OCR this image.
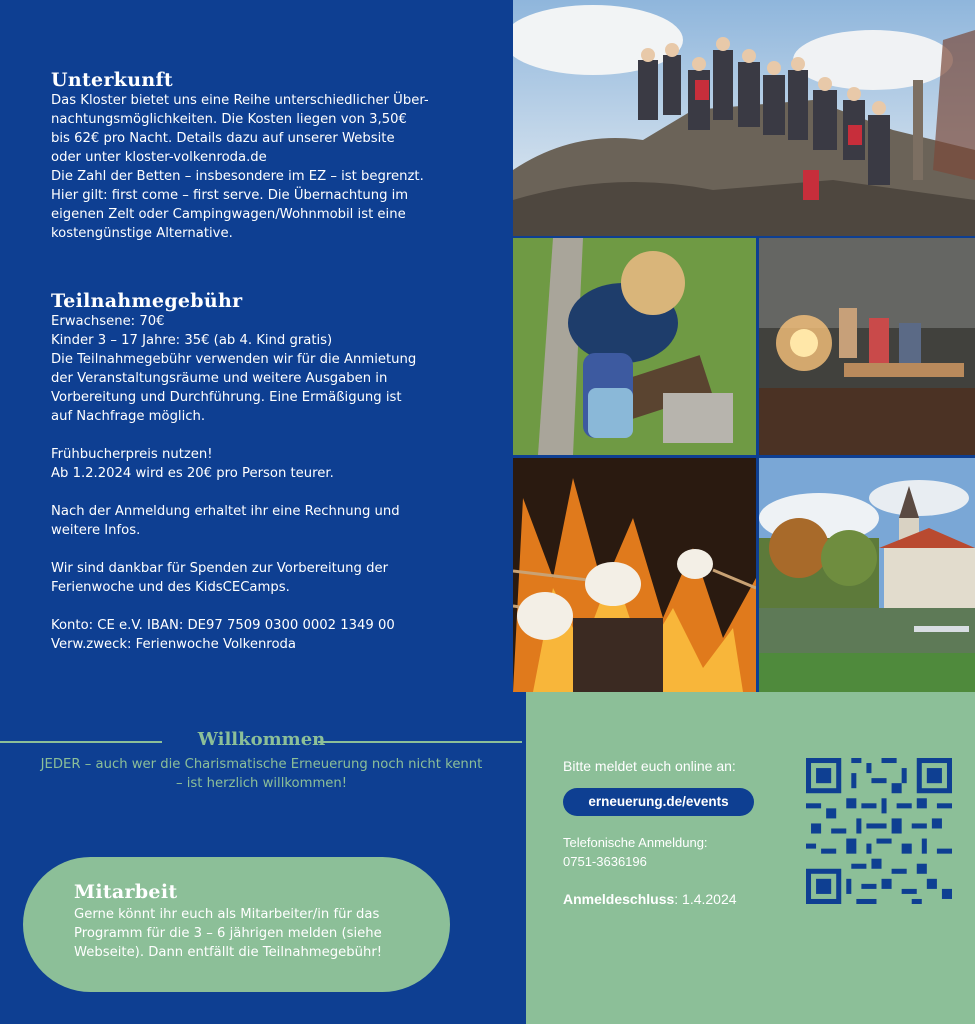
Unterkunft

Das Kloster bietet uns eine Reihe unterschiedlicher Über-
nachtungsmöglichkeiten. Die Kosten liegen von 3,50€
bis 62€ pro Nacht. Details dazu auf unserer Website
oder unter kloster-volkenroda.de
Die Zahl der Betten – insbesondere im EZ – ist begrenzt.
Hier gilt: first come – first serve. Die Übernachtung im
eigenen Zelt oder Campingwagen/Wohnmobil ist eine
kostengünstige Alternative.

Teilnahmegebühr

Erwachsene: 70€
Kinder 3 – 17 Jahre: 35€ (ab 4. Kind gratis)
Die Teilnahmegebühr verwenden wir für die Anmietung
der Veranstaltungsräume und weitere Ausgaben in
Vorbereitung und Durchführung. Eine Ermäßigung ist
auf Nachfrage möglich.

Frühbucherpreis nutzen!
Ab 1.2.2024 wird es 20€ pro Person teurer.

Nach der Anmeldung erhaltet ihr eine Rechnung und
weitere Infos.

Wir sind dankbar für Spenden zur Vorbereitung der
Ferienwoche und des KidsCECamps.

Konto: CE e.V. IBAN: DE97 7509 0300 0002 1349 00
Verw.zweck: Ferienwoche Volkenroda

Willkommen
JEDER – auch wer die Charismatische Erneuerung noch nicht kennt – ist herzlich willkommen!
Mitarbeit

Gerne könnt ihr euch als Mitarbeiter/in für das
Programm für die 3 – 6 jährigen melden (siehe
Webseite). Dann entfällt die Teilnahmegebühr!

Bitte meldet euch online an:
erneuerung.de/events
Telefonische Anmeldung:
0751-3636196
Anmeldeschluss: 1.4.2024
